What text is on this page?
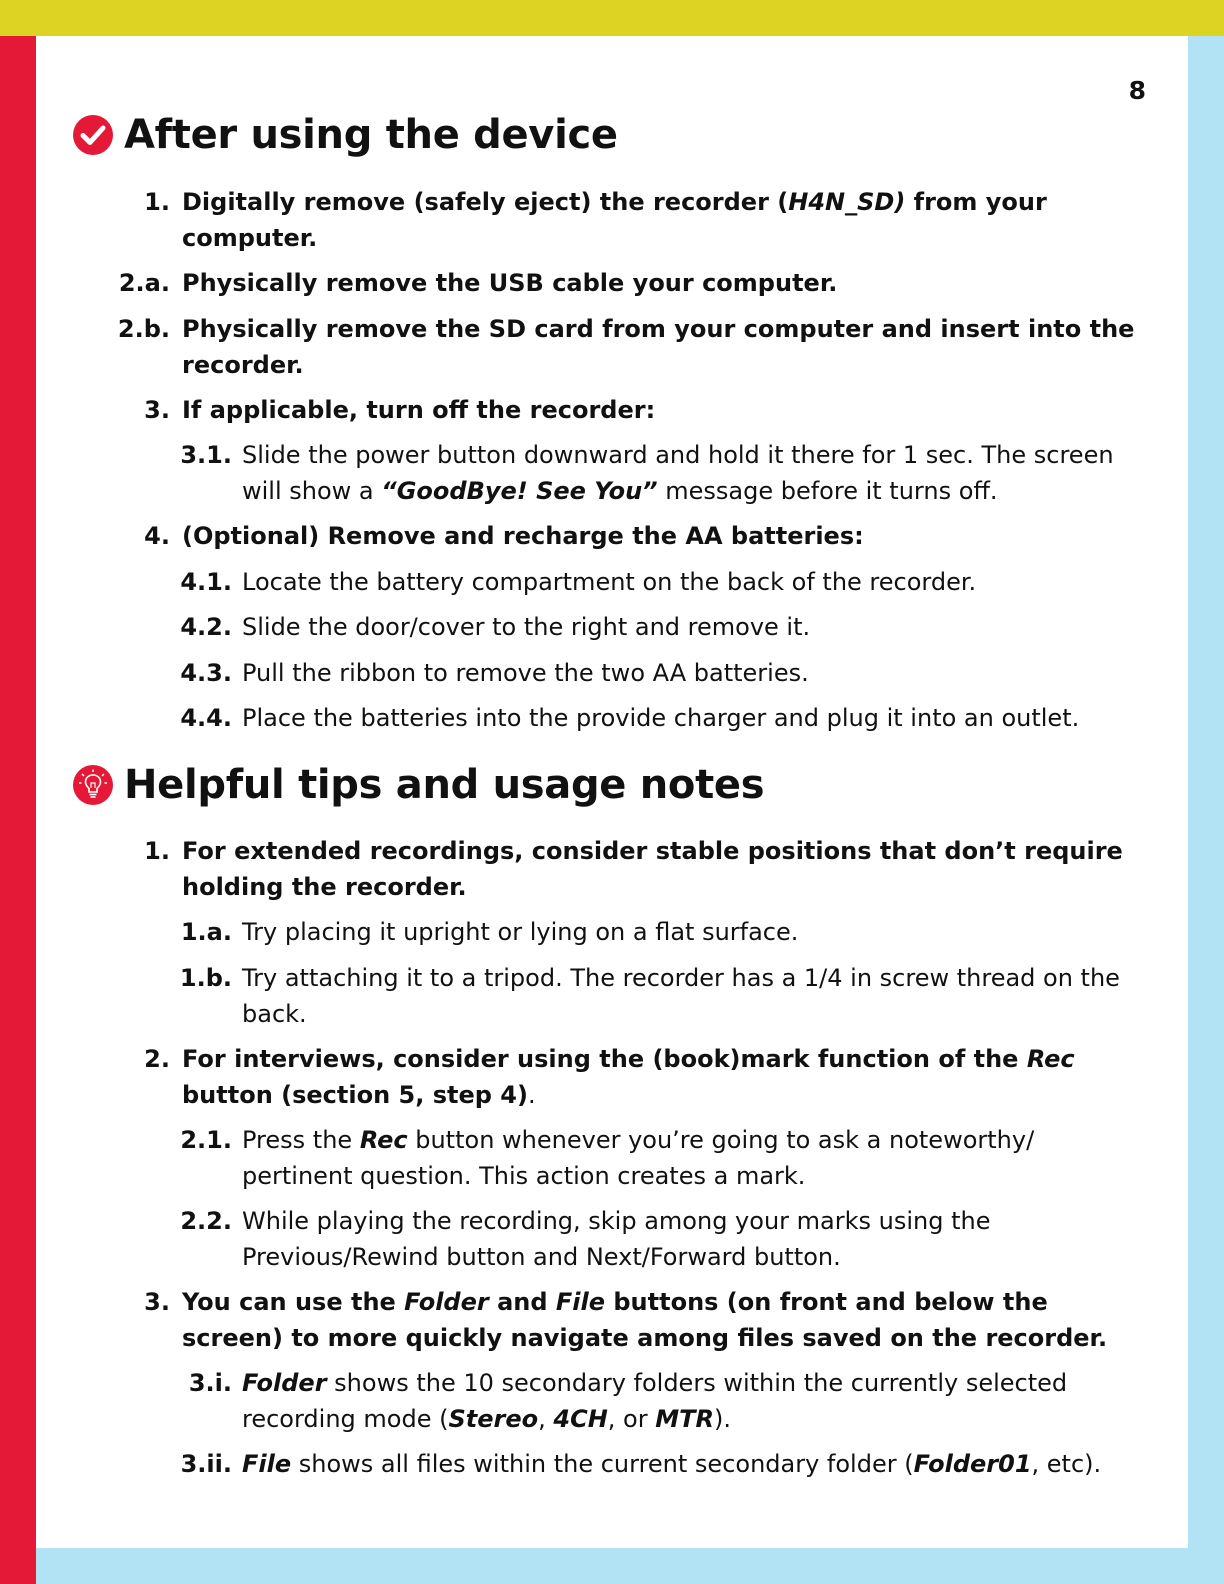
8
After using the device
1. Digitally remove (safely eject) the recorder (H4N_SD) from your computer.
2.a. Physically remove the USB cable your computer.
2.b. Physically remove the SD card from your computer and insert into the recorder.
3. If applicable, turn off the recorder:
3.1. Slide the power button downward and hold it there for 1 sec. The screen will show a “GoodBye! See You” message before it turns off.
4. (Optional) Remove and recharge the AA batteries:
4.1. Locate the battery compartment on the back of the recorder.
4.2. Slide the door/cover to the right and remove it.
4.3. Pull the ribbon to remove the two AA batteries.
4.4. Place the batteries into the provide charger and plug it into an outlet.
Helpful tips and usage notes
1. For extended recordings, consider stable positions that don’t require holding the recorder.
1.a. Try placing it upright or lying on a flat surface.
1.b. Try attaching it to a tripod. The recorder has a 1/4 in screw thread on the back.
2. For interviews, consider using the (book)mark function of the Rec button (section 5, step 4).
2.1. Press the Rec button whenever you’re going to ask a noteworthy/ pertinent question. This action creates a mark.
2.2. While playing the recording, skip among your marks using the Previous/Rewind button and Next/Forward button.
3. You can use the Folder and File buttons (on front and below the screen) to more quickly navigate among files saved on the recorder.
3.i. Folder shows the 10 secondary folders within the currently selected recording mode (Stereo, 4CH, or MTR).
3.ii. File shows all files within the current secondary folder (Folder01, etc).
